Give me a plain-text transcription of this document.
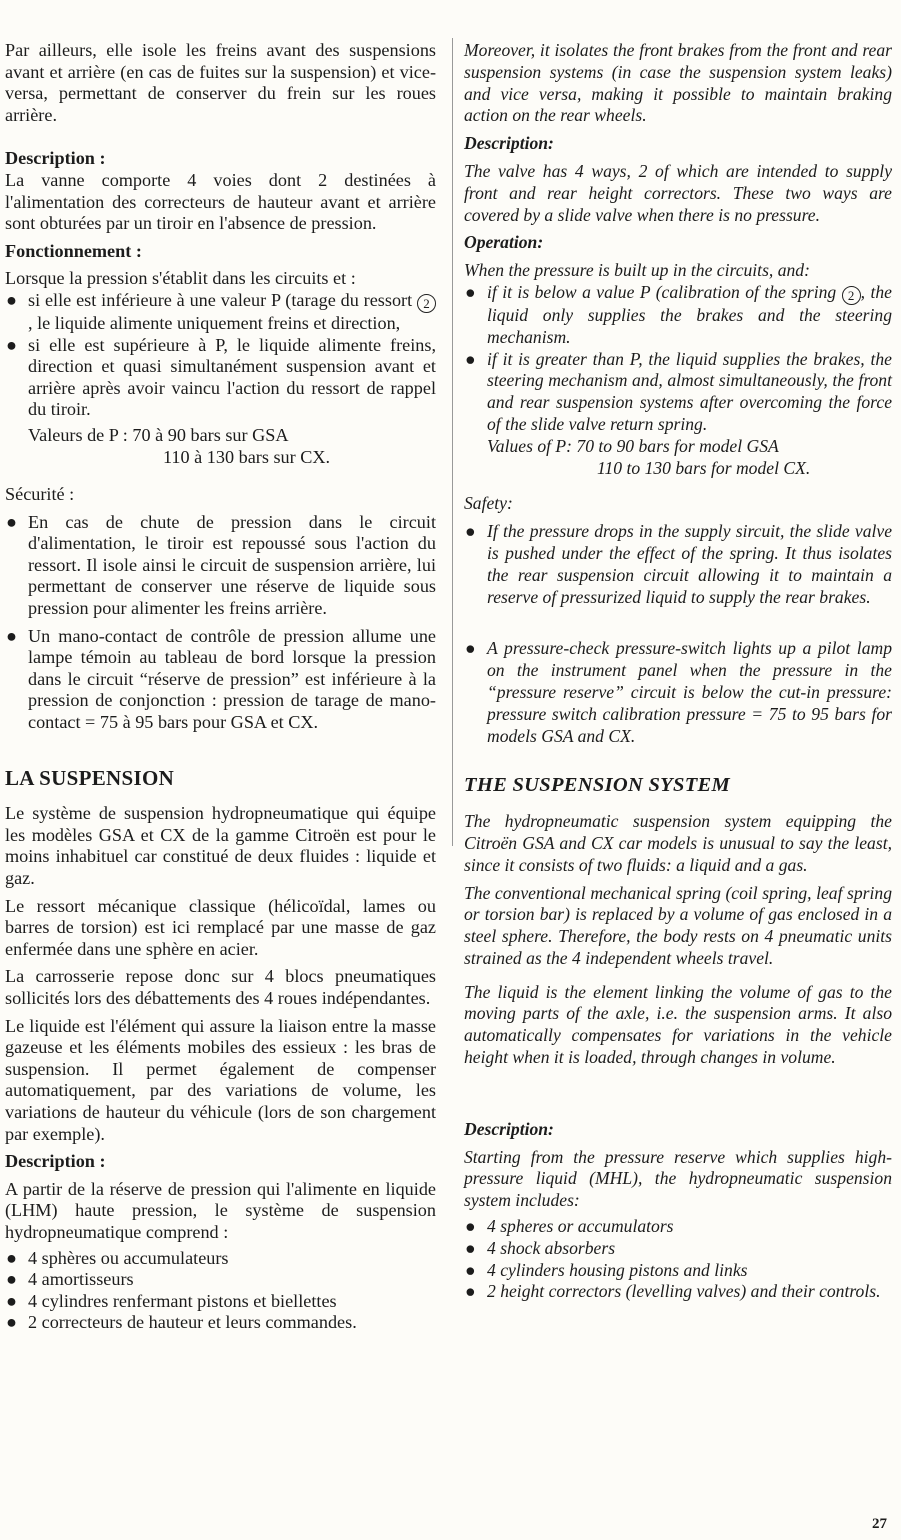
Par ailleurs, elle isole les freins avant des suspensions avant et arrière (en cas de fuites sur la suspension) et vice-versa, permettant de conserver du frein sur les roues arrière.

Description :

La vanne comporte 4 voies dont 2 destinées à l'alimentation des correcteurs de hauteur avant et arrière sont obturées par un tiroir en l'absence de pression.

Fonctionnement :

Lorsque la pression s'établit dans les circuits et :

● si elle est inférieure à une valeur P (tarage du ressort 2, le liquide alimente uniquement freins et direction,
● si elle est supérieure à P, le liquide alimente freins, direction et quasi simultanément suspension avant et arrière après avoir vaincu l'action du ressort de rappel du tiroir.

Valeurs de P : 70 à 90 bars sur GSA

110 à 130 bars sur CX.

Sécurité :

● En cas de chute de pression dans le circuit d'alimentation, le tiroir est repoussé sous l'action du ressort. Il isole ainsi le circuit de suspension arrière, lui permettant de conserver une réserve de liquide sous pression pour alimenter les freins arrière.
● Un mano-contact de contrôle de pression allume une lampe témoin au tableau de bord lorsque la pression dans le circuit “réserve de pression” est inférieure à la pression de conjonction : pression de tarage de mano-contact = 75 à 95 bars pour GSA et CX.

LA SUSPENSION

Le système de suspension hydropneumatique qui équipe les modèles GSA et CX de la gamme Citroën est pour le moins inhabituel car constitué de deux fluides : liquide et gaz.

Le ressort mécanique classique (hélicoïdal, lames ou barres de torsion) est ici remplacé par une masse de gaz enfermée dans une sphère en acier.

La carrosserie repose donc sur 4 blocs pneumatiques sollicités lors des débattements des 4 roues indépendantes.

Le liquide est l'élément qui assure la liaison entre la masse gazeuse et les éléments mobiles des essieux : les bras de suspension. Il permet également de compenser automatiquement, par des variations de volume, les variations de hauteur du véhicule (lors de son chargement par exemple).

Description :

A partir de la réserve de pression qui l'alimente en liquide (LHM) haute pression, le système de suspension hydropneumatique comprend :

● 4 sphères ou accumulateurs
● 4 amortisseurs
● 4 cylindres renfermant pistons et biellettes
● 2 correcteurs de hauteur et leurs commandes.

Moreover, it isolates the front brakes from the front and rear suspension systems (in case the suspension system leaks) and vice versa, making it possible to maintain braking action on the rear wheels.

Description:

The valve has 4 ways, 2 of which are intended to supply front and rear height correctors. These two ways are covered by a slide valve when there is no pressure.

Operation:

When the pressure is built up in the circuits, and:

● if it is below a value P (calibration of the spring 2 , the liquid only supplies the brakes and the steering mechanism.
● if it is greater than P, the liquid supplies the brakes, the steering mechanism and, almost simultaneously, the front and rear suspension systems after overcoming the force of the slide valve return spring.

Values of P: 70 to 90 bars for model GSA

110 to 130 bars for model CX.

Safety:

● If the pressure drops in the supply sircuit, the slide valve is pushed under the effect of the spring. It thus isolates the rear suspension circuit allowing it to maintain a reserve of pressurized liquid to supply the rear brakes.
● A pressure-check pressure-switch lights up a pilot lamp on the instrument panel when the pressure in the “pressure reserve” circuit is below the cut-in pressure: pressure switch calibration pressure = 75 to 95 bars for models GSA and CX.

THE SUSPENSION SYSTEM

The hydropneumatic suspension system equipping the Citroën GSA and CX car models is unusual to say the least, since it consists of two fluids: a liquid and a gas.

The conventional mechanical spring (coil spring, leaf spring or torsion bar) is replaced by a volume of gas enclosed in a steel sphere. Therefore, the body rests on 4 pneumatic units strained as the 4 independent wheels travel.

The liquid is the element linking the volume of gas to the moving parts of the axle, i.e. the suspension arms. It also automatically compensates for variations in the vehicle height when it is loaded, through changes in volume.

Description:

Starting from the pressure reserve which supplies high-pressure liquid (MHL), the hydropneumatic suspension system includes:

● 4 spheres or accumulators
● 4 shock absorbers
● 4 cylinders housing pistons and links
● 2 height correctors (levelling valves) and their controls.
27
